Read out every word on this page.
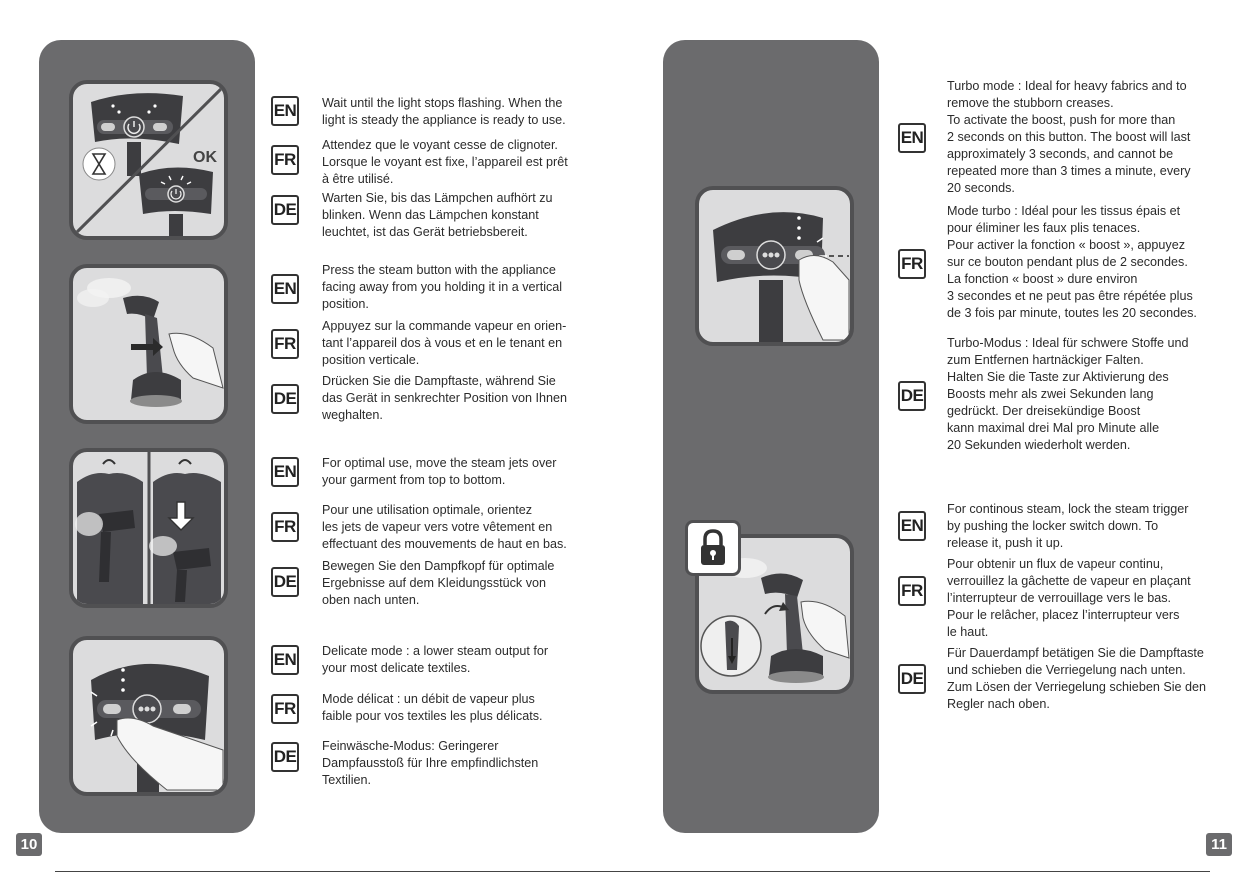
OK
EN Wait until the light stops flashing. When the
light is steady the appliance is ready to use.
FR
Attendez que le voyant cesse de clignoter.
Lorsque le voyant est fixe, l’appareil est prêt
à être utilisé.
DE
Warten Sie, bis das Lämpchen aufhört zu
blinken. Wenn das Lämpchen konstant
leuchtet, ist das Gerät betriebsbereit.
EN
Press the steam button with the appliance
facing away from you holding it in a vertical
position.
FR
Appuyez sur la commande vapeur en orien-
tant l’appareil dos à vous et en le tenant en
position verticale.
DE
Drücken Sie die Dampftaste, während Sie
das Gerät in senkrechter Position von Ihnen
weghalten.
EN For optimal use, move the steam jets over
your garment from top to bottom.
FR
Pour une utilisation optimale, orientez
les jets de vapeur vers votre vêtement en
effectuant des mouvements de haut en bas.
DE
Bewegen Sie den Dampfkopf für optimale
Ergebnisse auf dem Kleidungsstück von
oben nach unten.
EN Delicate mode : a lower steam output for
your most delicate textiles.
FR Mode délicat : un débit de vapeur plus
faible pour vos textiles les plus délicats.
DE
Feinwäsche-Modus: Geringerer
Dampfausstoß für Ihre empfindlichsten
Textilien.
10
EN
Turbo mode : Ideal for heavy fabrics and to
remove the stubborn creases.
To activate the boost, push for more than
2 seconds on this button. The boost will last
approximately 3 seconds, and cannot be
repeated more than 3 times a minute, every
20 seconds.
FR
Mode turbo : Idéal pour les tissus épais et
pour éliminer les faux plis tenaces.
Pour activer la fonction « boost », appuyez
sur ce bouton pendant plus de 2 secondes.
La fonction « boost » dure environ
3 secondes et ne peut pas être répétée plus
de 3 fois par minute, toutes les 20 secondes.
DE
Turbo-Modus : Ideal für schwere Stoffe und
zum Entfernen hartnäckiger Falten.
Halten Sie die Taste zur Aktivierung des
Boosts mehr als zwei Sekunden lang
gedrückt. Der dreisekündige Boost
kann maximal drei Mal pro Minute alle
20 Sekunden wiederholt werden.
EN
For continous steam, lock the steam trigger
by pushing the locker switch down. To
release it, push it up.
FR
Pour obtenir un flux de vapeur continu,
verrouillez la gâchette de vapeur en plaçant
l’interrupteur de verrouillage vers le bas.
Pour le relâcher, placez l’interrupteur vers
le haut.
DE
Für Dauerdampf betätigen Sie die Dampftaste
und schieben die Verriegelung nach unten.
Zum Lösen der Verriegelung schieben Sie den
Regler nach oben.
11
